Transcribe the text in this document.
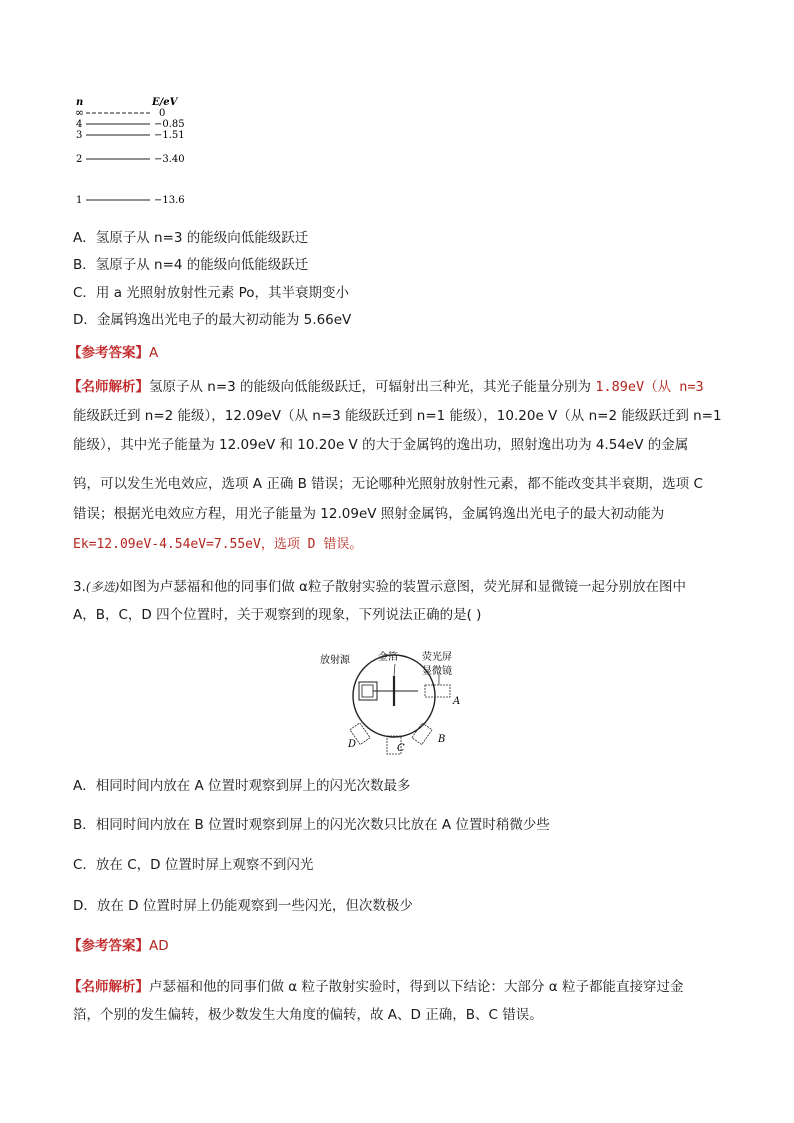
n	E/eV
∞	0
4	−0.85
3	−1.51
2	−3.40
1	−13.6
A．氢原子从 n=3 的能级向低能级跃迁
B．氢原子从 n=4 的能级向低能级跃迁
C．用 a 光照射放射性元素 Po，其半衰期变小
D．金属钨逸出光电子的最大初动能为 5.66eV
【参考答案】A
【名师解析】氢原子从 n=3 的能级向低能级跃迁，可辐射出三种光，其光子能量分别为 1.89eV（从 n=3
能级跃迁到 n=2 能级），12.09eV（从 n=3 能级跃迁到 n=1 能级），10.20e V（从 n=2 能级跃迁到 n=1
能级），其中光子能量为 12.09eV 和 10.20e V 的大于金属钨的逸出功，照射逸出功为 4.54eV 的金属
钨，可以发生光电效应，选项 A 正确 B 错误；无论哪种光照射放射性元素，都不能改变其半衰期，选项 C
错误；根据光电效应方程，用光子能量为 12.09eV 照射金属钨，金属钨逸出光电子的最大初动能为
Ek=12.09eV-4.54eV=7.55eV，选项 D 错误。
3.(多选)如图为卢瑟福和他的同事们做 α粒子散射实验的装置示意图，荧光屏和显微镜一起分别放在图中
A，B，C，D 四个位置时，关于观察到的现象，下列说法正确的是( )
放射源	金箔 荧光屏
显微镜
A
B
C
D
A．相同时间内放在 A 位置时观察到屏上的闪光次数最多
B．相同时间内放在 B 位置时观察到屏上的闪光次数只比放在 A 位置时稍微少些
C．放在 C，D 位置时屏上观察不到闪光
D．放在 D 位置时屏上仍能观察到一些闪光，但次数极少
【参考答案】AD
【名师解析】卢瑟福和他的同事们做 α 粒子散射实验时，得到以下结论：大部分 α 粒子都能直接穿过金
箔，个别的发生偏转，极少数发生大角度的偏转，故 A、D 正确，B、C 错误。
